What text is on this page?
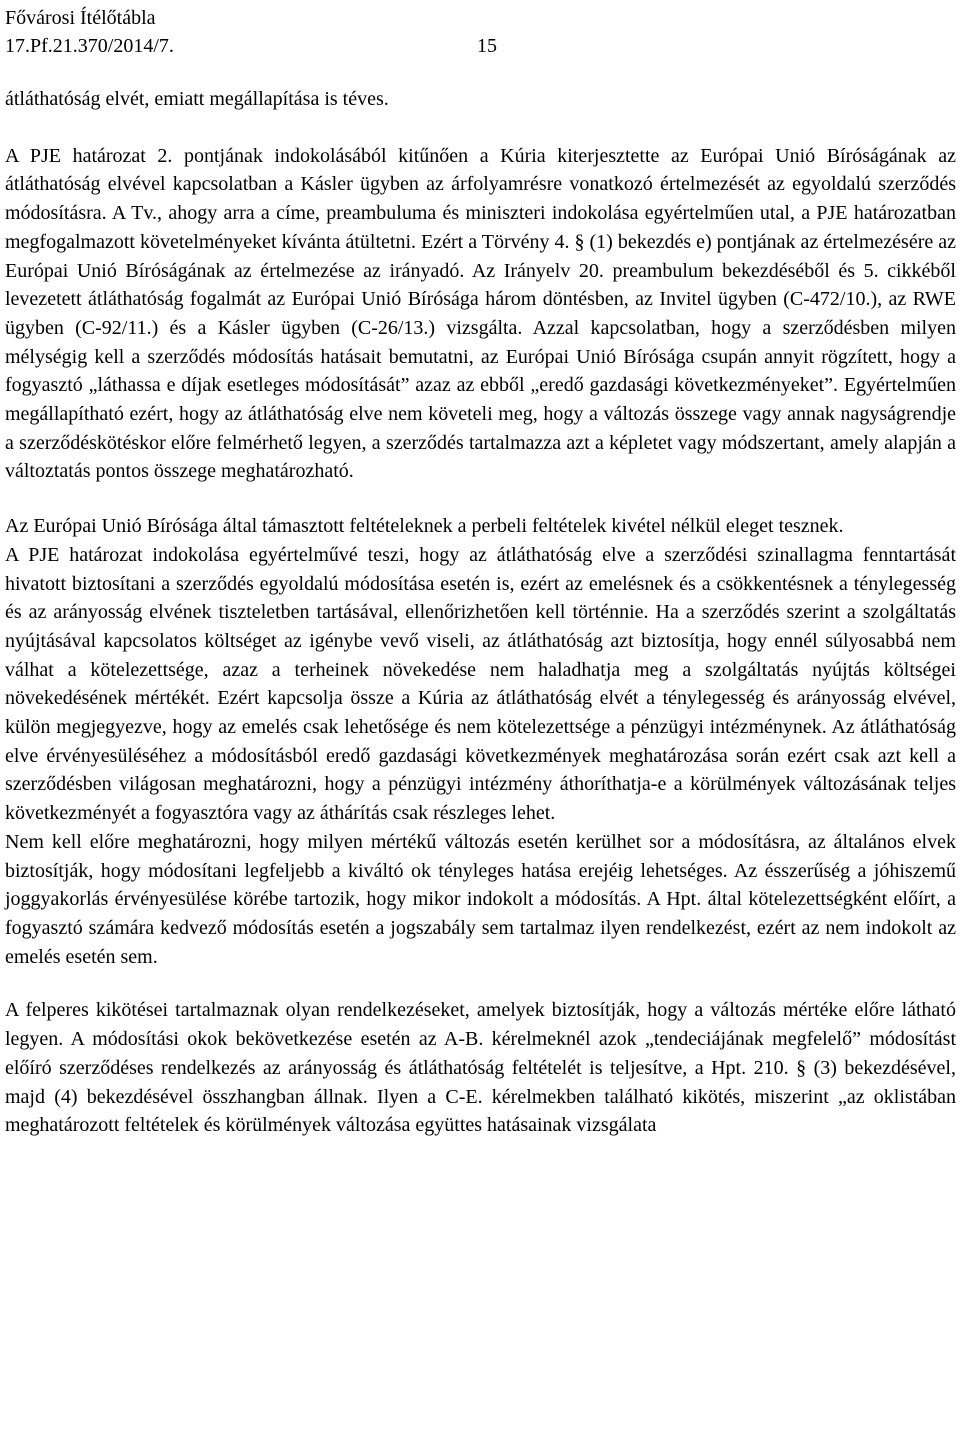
Fővárosi Ítélőtábla
17.Pf.21.370/2014/7.	15

átláthatóság elvét, emiatt megállapítása is téves.

A PJE határozat 2. pontjának indokolásából kitűnően a Kúria kiterjesztette az Európai Unió Bíróságának az átláthatóság elvével kapcsolatban a Kásler ügyben az árfolyamrésre vonatkozó értelmezését az egyoldalú szerződés módosításra. A Tv., ahogy arra a címe, preambuluma és miniszteri indokolása egyértelműen utal, a PJE határozatban megfogalmazott követelményeket kívánta átültetni. Ezért a Törvény 4. § (1) bekezdés e) pontjának az értelmezésére az Európai Unió Bíróságának az értelmezése az irányadó. Az Irányelv 20. preambulum bekezdéséből és 5. cikkéből levezetett átláthatóság fogalmát az Európai Unió Bírósága három döntésben, az Invitel ügyben (C-472/10.), az RWE ügyben (C-92/11.) és a Kásler ügyben (C-26/13.) vizsgálta. Azzal kapcsolatban, hogy a szerződésben milyen mélységig kell a szerződés módosítás hatásait bemutatni, az Európai Unió Bírósága csupán annyit rögzített, hogy a fogyasztó „láthassa e díjak esetleges módosítását” azaz az ebből „eredő gazdasági következményeket”. Egyértelműen megállapítható ezért, hogy az átláthatóság elve nem követeli meg, hogy a változás összege vagy annak nagyságrendje a szerződéskötéskor előre felmérhető legyen, a szerződés tartalmazza azt a képletet vagy módszertant, amely alapján a változtatás pontos összege meghatározható.

Az Európai Unió Bírósága által támasztott feltételeknek a perbeli feltételek kivétel nélkül eleget tesznek.

A PJE határozat indokolása egyértelművé teszi, hogy az átláthatóság elve a szerződési szinallagma fenntartását hivatott biztosítani a szerződés egyoldalú módosítása esetén is, ezért az emelésnek és a csökkentésnek a ténylegesség és az arányosság elvének tiszteletben tartásával, ellenőrizhetően kell történnie. Ha a szerződés szerint a szolgáltatás nyújtásával kapcsolatos költséget az igénybe vevő viseli, az átláthatóság azt biztosítja, hogy ennél súlyosabbá nem válhat a kötelezettsége, azaz a terheinek növekedése nem haladhatja meg a szolgáltatás nyújtás költségei növekedésének mértékét. Ezért kapcsolja össze a Kúria az átláthatóság elvét a ténylegesség és arányosság elvével, külön megjegyezve, hogy az emelés csak lehetősége és nem kötelezettsége a pénzügyi intézménynek. Az átláthatóság elve érvényesüléséhez a módosításból eredő gazdasági következmények meghatározása során ezért csak azt kell a szerződésben világosan meghatározni, hogy a pénzügyi intézmény áthoríthatja-e a körülmények változásának teljes következményét a fogyasztóra vagy az áthárítás csak részleges lehet.

Nem kell előre meghatározni, hogy milyen mértékű változás esetén kerülhet sor a módosításra, az általános elvek biztosítják, hogy módosítani legfeljebb a kiváltó ok tényleges hatása erejéig lehetséges. Az ésszerűség a jóhiszemű joggyakorlás érvényesülése körébe tartozik, hogy mikor indokolt a módosítás. A Hpt. által kötelezettségként előírt, a fogyasztó számára kedvező módosítás esetén a jogszabály sem tartalmaz ilyen rendelkezést, ezért az nem indokolt az emelés esetén sem.

A felperes kikötései tartalmaznak olyan rendelkezéseket, amelyek biztosítják, hogy a változás mértéke előre látható legyen. A módosítási okok bekövetkezése esetén az A-B. kérelmeknél azok „tendeciájának megfelelő” módosítást előíró szerződéses rendelkezés az arányosság és átláthatóság feltételét is teljesítve, a Hpt. 210. § (3) bekezdésével, majd (4) bekezdésével összhangban állnak. Ilyen a C-E. kérelmekben található kikötés, miszerint „az oklistában meghatározott feltételek és körülmények változása együttes hatásainak vizsgálata
